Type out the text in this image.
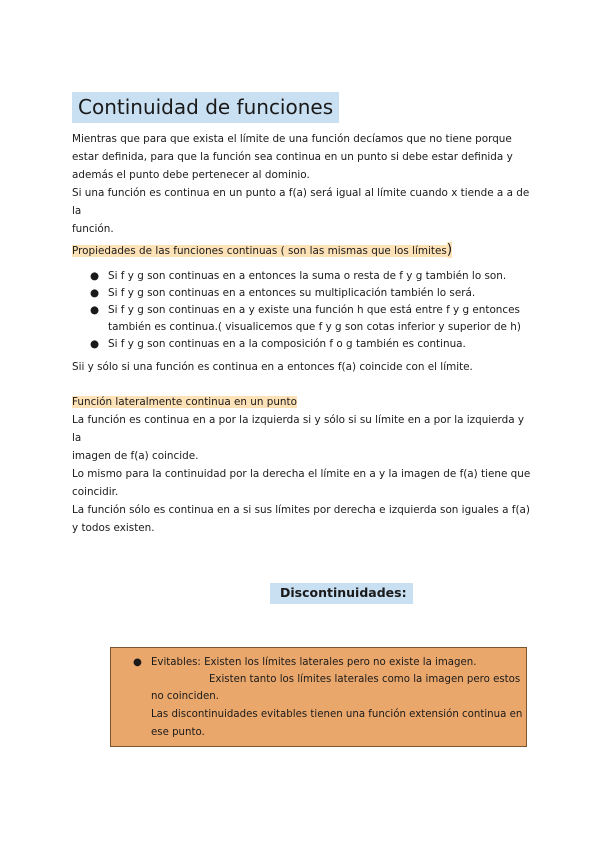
Continuidad de funciones
Mientras que para que exista el límite de una función decíamos que no tiene porque
estar definida, para que la función sea continua en un punto si debe estar definida y
además el punto debe pertenecer al dominio.
Si una función es continua en un punto a f(a) será igual al límite cuando x tiende a a de la
función.
Propiedades de las funciones continuas ( son las mismas que los límites)
● Si f y g son continuas en a entonces la suma o resta de f y g también lo son.
● Si f y g son continuas en a entonces su multiplicación también lo será.
● Si f y g son continuas en a y existe una función h que está entre f y g entonces
también es continua.( visualicemos que f y g son cotas inferior y superior de h)
● Si f y g son continuas en a la composición f o g también es continua.
Sii y sólo si una función es continua en a entonces f(a) coincide con el límite.
Función lateralmente continua en un punto
La función es continua en a por la izquierda si y sólo si su límite en a por la izquierda y la
imagen de f(a) coincide.
Lo mismo para la continuidad por la derecha el límite en a y la imagen de f(a) tiene que
coincidir.
La función sólo es continua en a si sus límites por derecha e izquierda son iguales a f(a)
y todos existen.
Discontinuidades:
● Evitables: Existen los límites laterales pero no existe la imagen.
Existen tanto los límites laterales como la imagen pero estos
no coinciden.
Las discontinuidades evitables tienen una función extensión continua en
ese punto.
